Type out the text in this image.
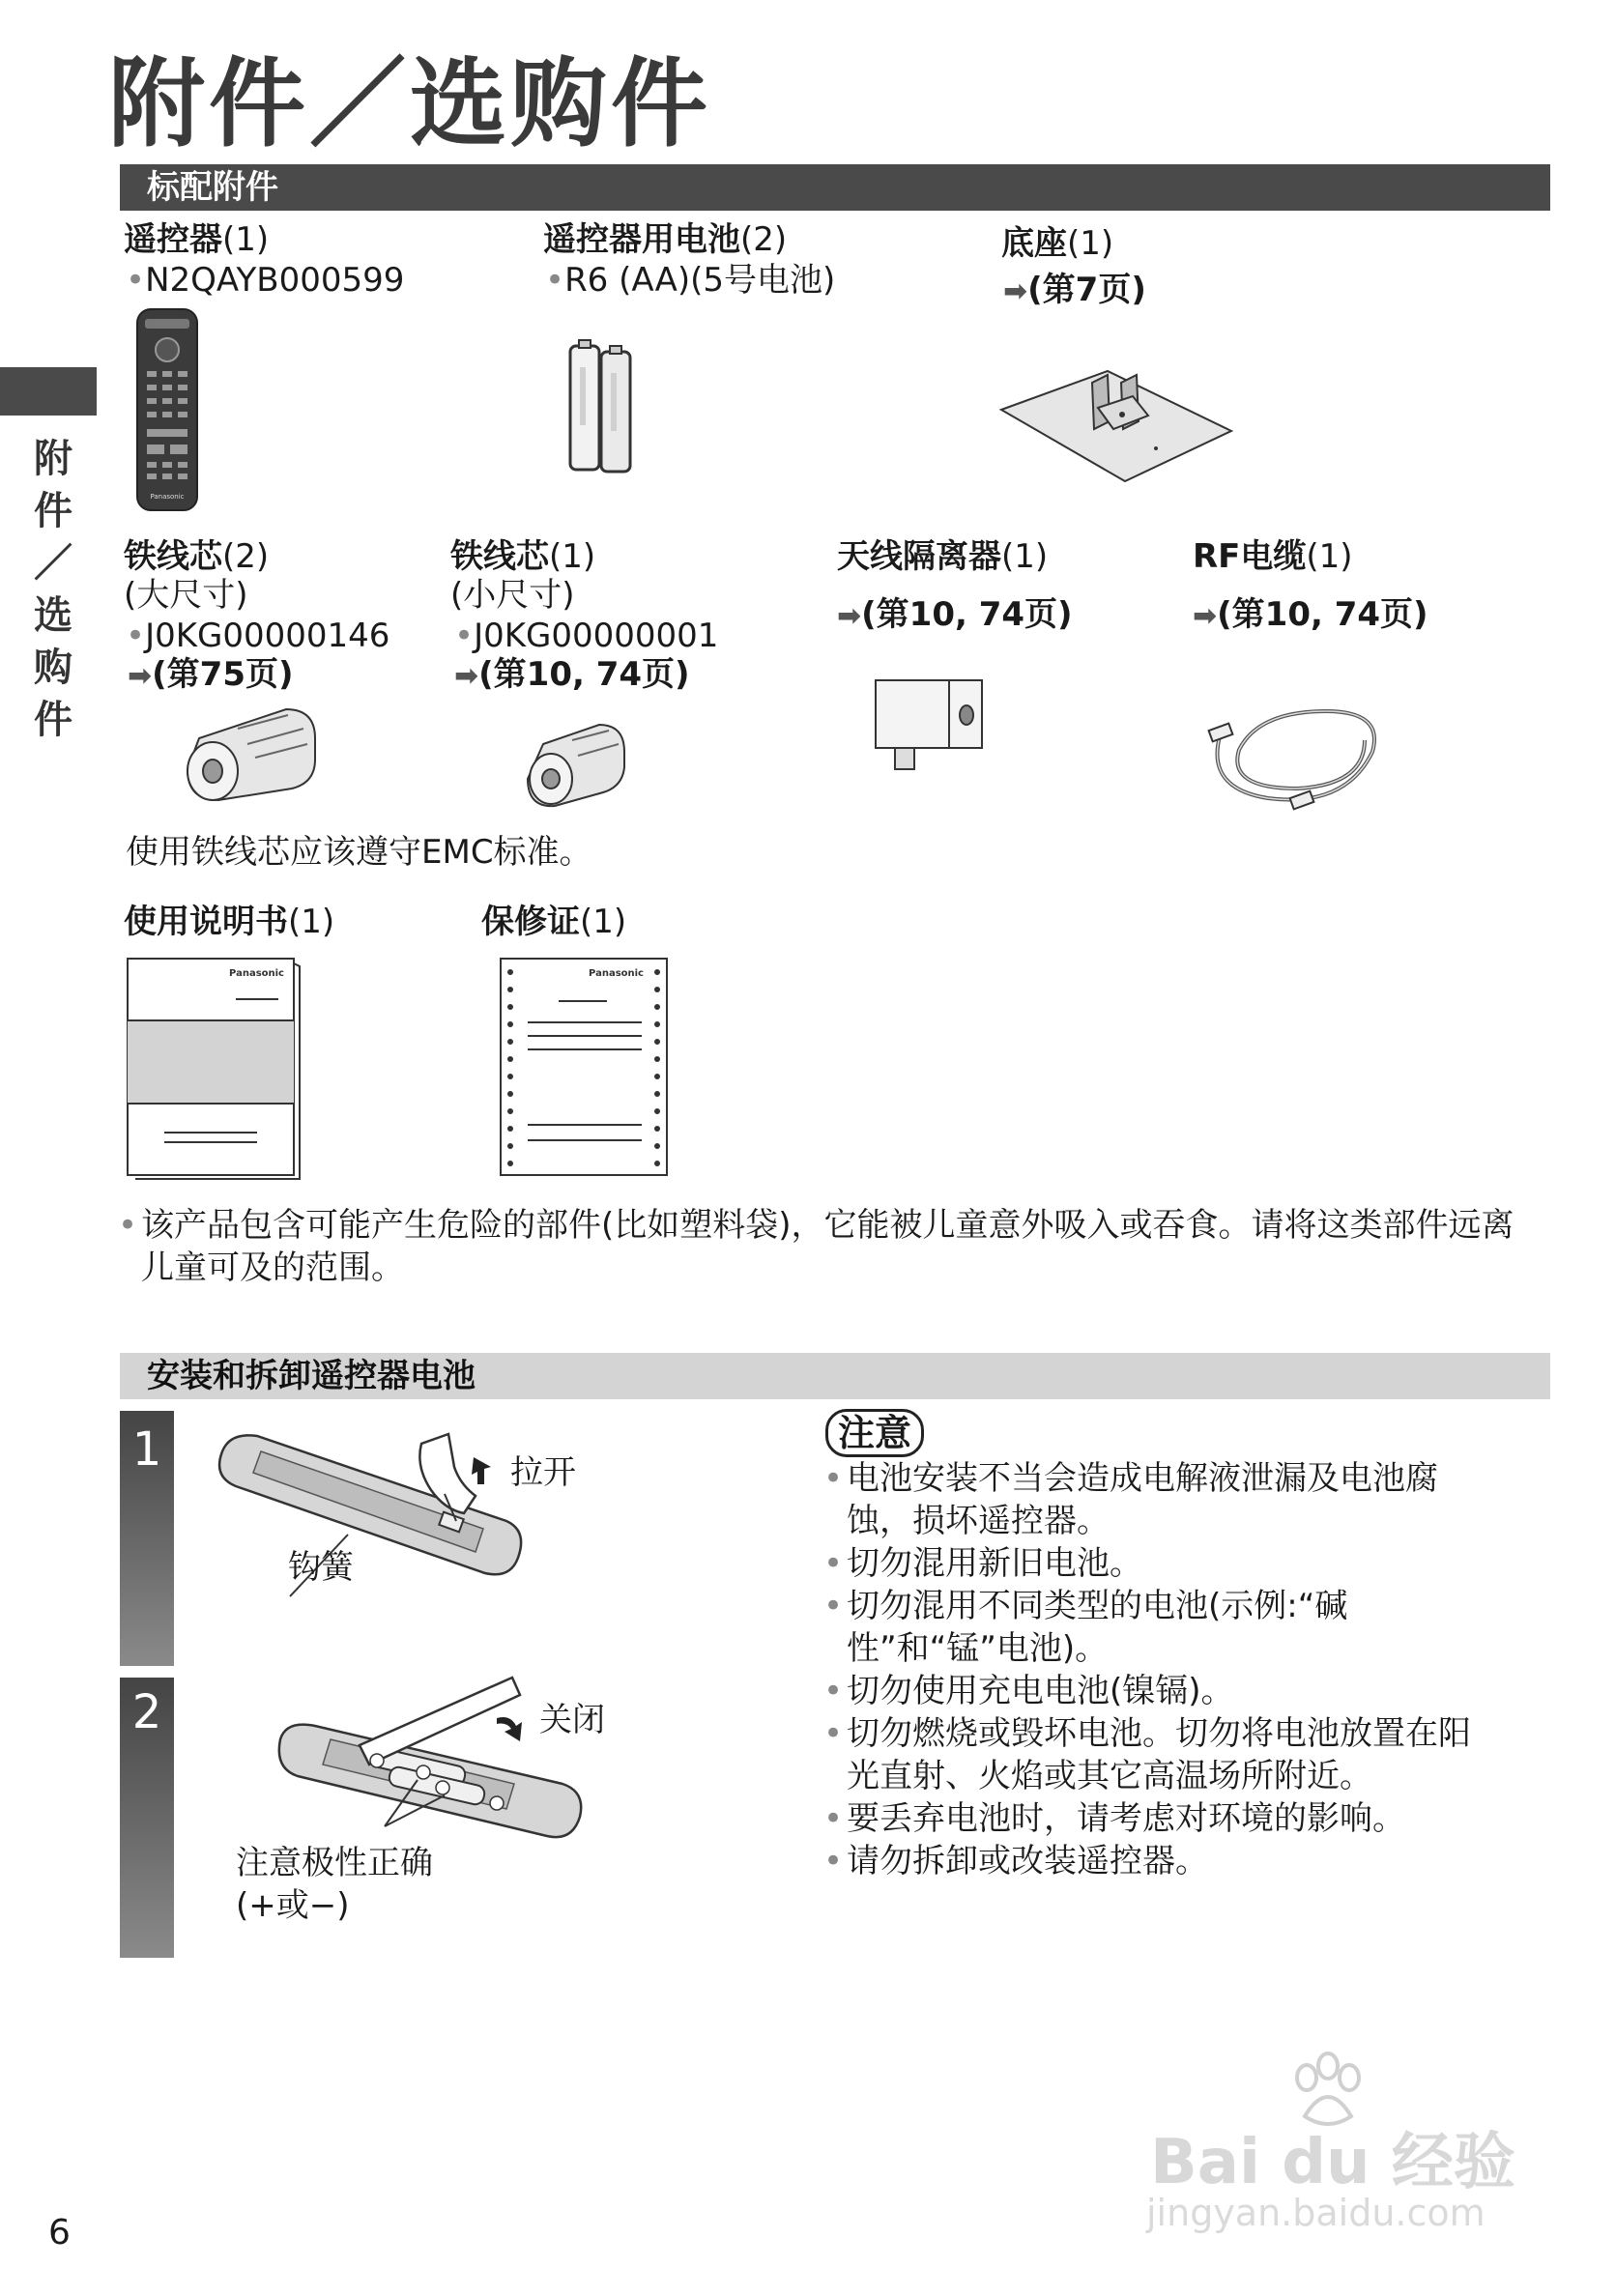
附件／选购件
附件／选购件
标配附件
遥控器(1)
•N2QAYB000599
Panasonic
遥控器用电池(2)
•R6 (AA)(5号电池)
底座(1)
➡(第7页)
铁线芯(2)
(大尺寸)
•J0KG00000146
➡(第75页)
铁线芯(1)
(小尺寸)
•J0KG00000001
➡(第10, 74页)
天线隔离器(1)
➡(第10, 74页)
RF电缆(1)
➡(第10, 74页)
使用铁线芯应该遵守EMC标准。
使用说明书(1)
Panasonic
保修证(1)
Panasonic
• 该产品包含可能产生危险的部件(比如塑料袋)，它能被儿童意外吸入或吞食。请将这类部件远离儿童可及的范围。
安装和拆卸遥控器电池
1	拉开
钩簧
2	关闭
注意极性正确
(+或−)
注意
• 电池安装不当会造成电解液泄漏及电池腐蚀，损坏遥控器。
• 切勿混用新旧电池。
• 切勿混用不同类型的电池(示例:“碱性”和“锰”电池)。
• 切勿使用充电电池(镍镉)。
• 切勿燃烧或毁坏电池。切勿将电池放置在阳光直射、火焰或其它高温场所附近。
• 要丢弃电池时，请考虑对环境的影响。
• 请勿拆卸或改装遥控器。
Bai du 经验
jingyan.baidu.com
6
